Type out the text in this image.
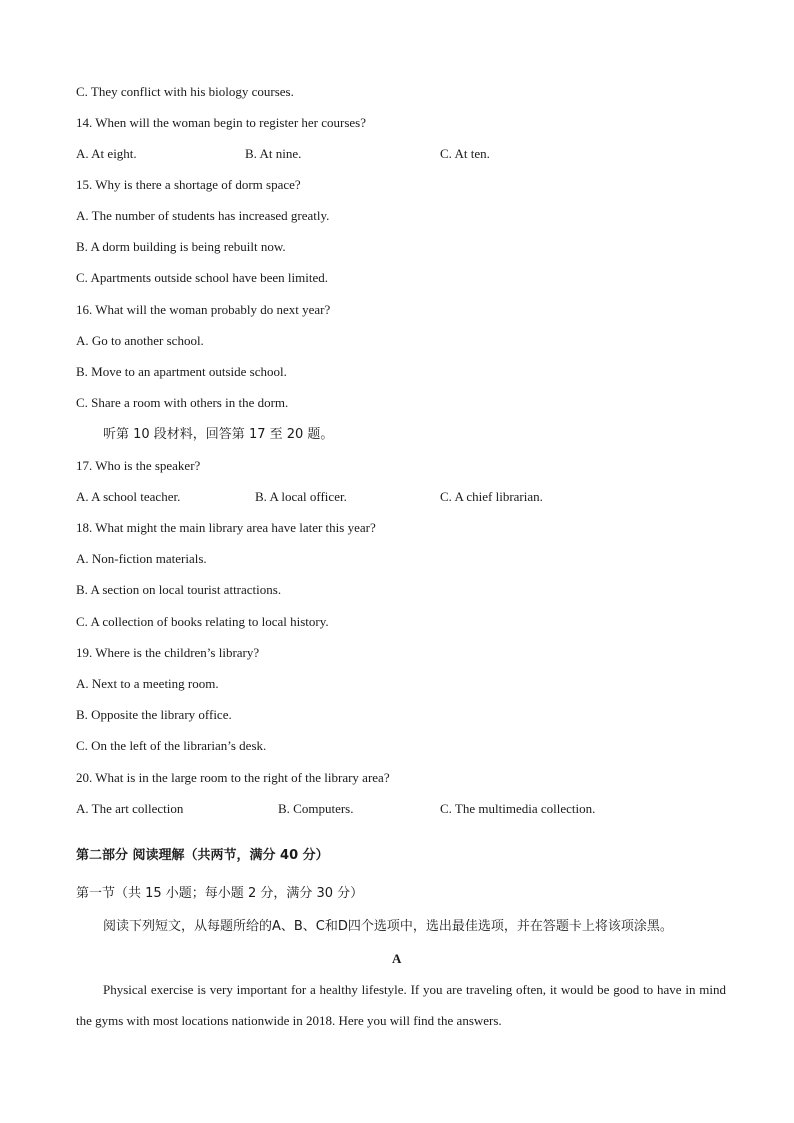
C. They conflict with his biology courses.
14. When will the woman begin to register her courses?
A. At eight.	B. At nine.	C. At ten.
15. Why is there a shortage of dorm space?
A. The number of students has increased greatly.
B. A dorm building is being rebuilt now.
C. Apartments outside school have been limited.
16. What will the woman probably do next year?
A. Go to another school.
B. Move to an apartment outside school.
C. Share a room with others in the dorm.
听第 10 段材料，回答第 17 至 20 题。
17. Who is the speaker?
A. A school teacher.	B. A local officer.	C. A chief librarian.
18. What might the main library area have later this year?
A. Non-fiction materials.
B. A section on local tourist attractions.
C. A collection of books relating to local history.
19. Where is the children’s library?
A. Next to a meeting room.
B. Opposite the library office.
C. On the left of the librarian’s desk.
20. What is in the large room to the right of the library area?
A. The art collection	B. Computers.	C. The multimedia collection.
第二部分 阅读理解（共两节，满分 40 分）
第一节（共 15 小题；每小题 2 分，满分 30 分）
阅读下列短文，从每题所给的A、B、C和D四个选项中，选出最佳选项，并在答题卡上将该项涂黑。
A
Physical exercise is very important for a healthy lifestyle. If you are traveling often, it would be good to have in mind the gyms with most locations nationwide in 2018. Here you will find the answers.
